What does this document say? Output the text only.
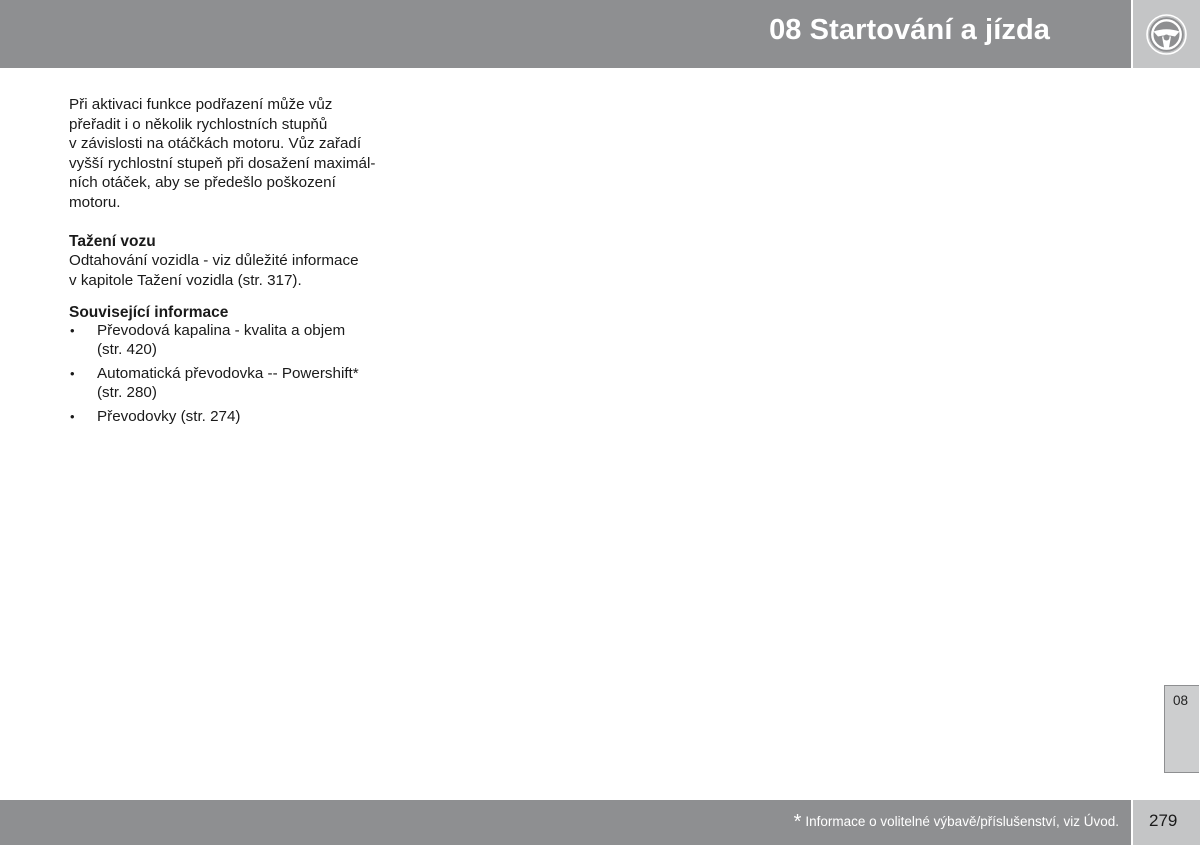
08 Startování a jízda

Při aktivaci funkce podřazení může vůz
přeřadit i o několik rychlostních stupňů
v závislosti na otáčkách motoru. Vůz zařadí
vyšší rychlostní stupeň při dosažení maximál-
ních otáček, aby se předešlo poškození
motoru.

Tažení vozu

Odtahování vozidla - viz důležité informace
v kapitole Tažení vozidla (str. 317).

Související informace
• Převodová kapalina - kvalita a objem
(str. 420)
• Automatická převodovka -- Powershift*
(str. 280)
• Převodovky (str. 274)
08
* Informace o volitelné výbavě/příslušenství, viz Úvod. 279
